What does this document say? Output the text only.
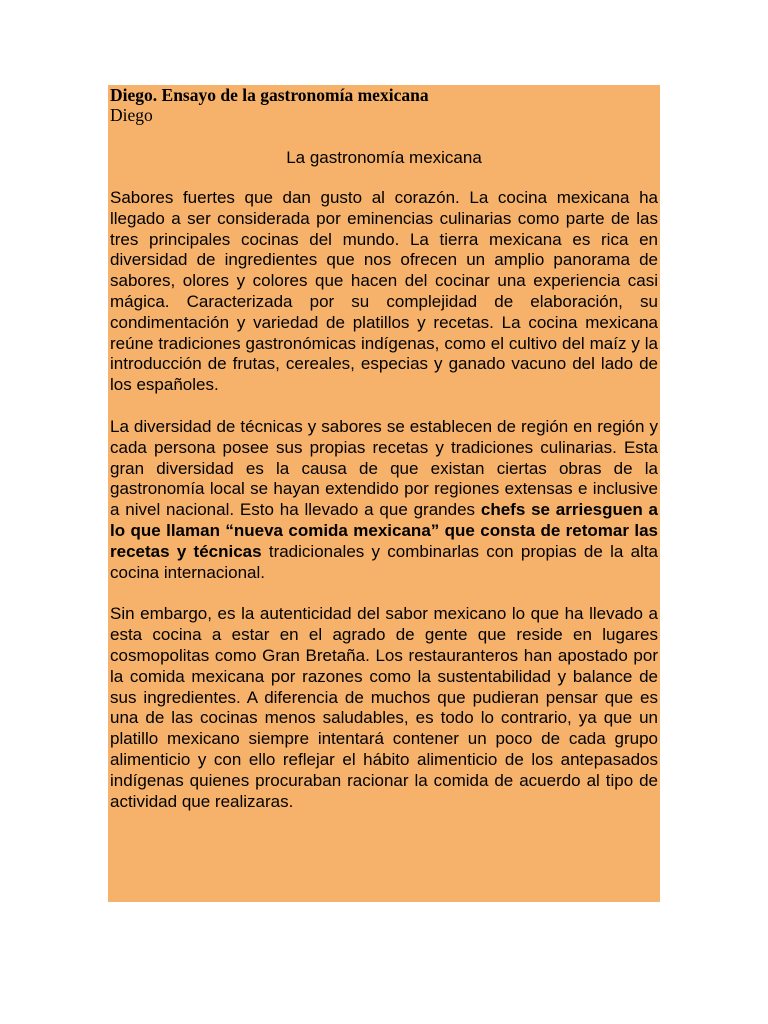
Diego. Ensayo de la gastronomía mexicana

Diego

La gastronomía mexicana

Sabores fuertes que dan gusto al corazón. La cocina mexicana ha llegado a ser considerada por eminencias culinarias como parte de las tres principales cocinas del mundo. La tierra mexicana es rica en diversidad de ingredientes que nos ofrecen un amplio panorama de sabores, olores y colores que hacen del cocinar una experiencia casi mágica. Caracterizada por su complejidad de elaboración, su condimentación y variedad de platillos y recetas. La cocina mexicana reúne tradiciones gastronómicas indígenas, como el cultivo del maíz y la introducción de frutas, cereales, especias y ganado vacuno del lado de los españoles.

La diversidad de técnicas y sabores se establecen de región en región y cada persona posee sus propias recetas y tradiciones culinarias. Esta gran diversidad es la causa de que existan ciertas obras de la gastronomía local se hayan extendido por regiones extensas e inclusive a nivel nacional. Esto ha llevado a que grandes chefs se arriesguen a lo que llaman “nueva comida mexicana” que consta de retomar las recetas y técnicas tradicionales y combinarlas con propias de la alta cocina internacional.

Sin embargo, es la autenticidad del sabor mexicano lo que ha llevado a esta cocina a estar en el agrado de gente que reside en lugares cosmopolitas como Gran Bretaña. Los restauranteros han apostado por la comida mexicana por razones como la sustentabilidad y balance de sus ingredientes. A diferencia de muchos que pudieran pensar que es una de las cocinas menos saludables, es todo lo contrario, ya que un platillo mexicano siempre intentará contener un poco de cada grupo alimenticio y con ello reflejar el hábito alimenticio de los antepasados indígenas quienes procuraban racionar la comida de acuerdo al tipo de actividad que realizaras.
